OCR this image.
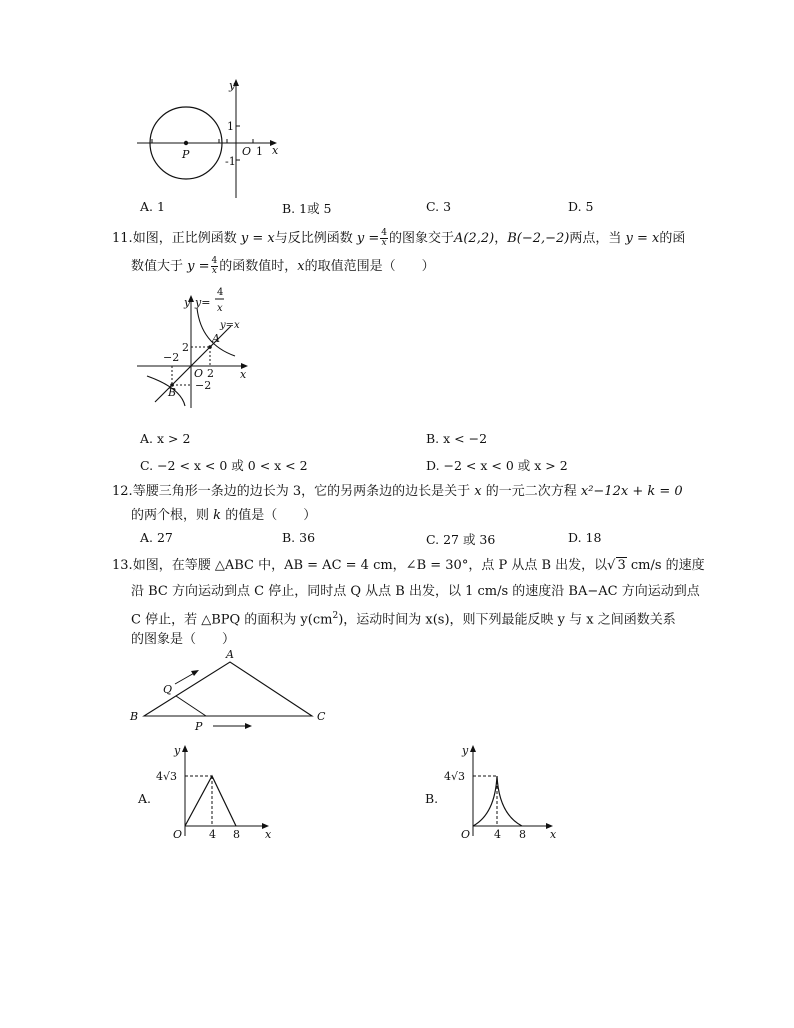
y
x
O 1
1
-1
P
A. 1	B. 1或 5	C. 3	D. 5
11.如图，正比例函数 y = x与反比例函数 $y = \frac{4}{x}$ 的图象交于A(2,2)，B(−2,−2)两点，当 y = x的函
数值大于 $y = \frac{4}{x}$ 的函数值时，x的取值范围是（　　）
y y=
4
x
y=x
A
B
O 2
2
−2
−2
x
A. x > 2	B. x < −2
C. −2 < x < 0 或 0 < x < 2	D. −2 < x < 0 或 x > 2
12.等腰三角形一条边的边长为 3，它的另两条边的边长是关于 x 的一元二次方程 x²−12x + k = 0
的两个根，则 k 的值是（　　）
A. 27	B. 36	C. 27 或 36	D. 18
13.如图，在等腰 △ABC 中，AB = AC = 4 cm，∠B = 30°，点 P 从点 B 出发，以√ 3 cm/s 的速度
沿 BC 方向运动到点 C 停止，同时点 Q 从点 B 出发，以 1 cm/s 的速度沿 BA−AC 方向运动到点
C 停止，若 △BPQ 的面积为 $y(cm^2)$，运动时间为 x(s)，则下列最能反映 y 与 x 之间函数关系
的图象是（　　）
A
B	C
P
Q
A.
y
x
O 4 8
4√3
B.
y
x
O 4 8
4√3
